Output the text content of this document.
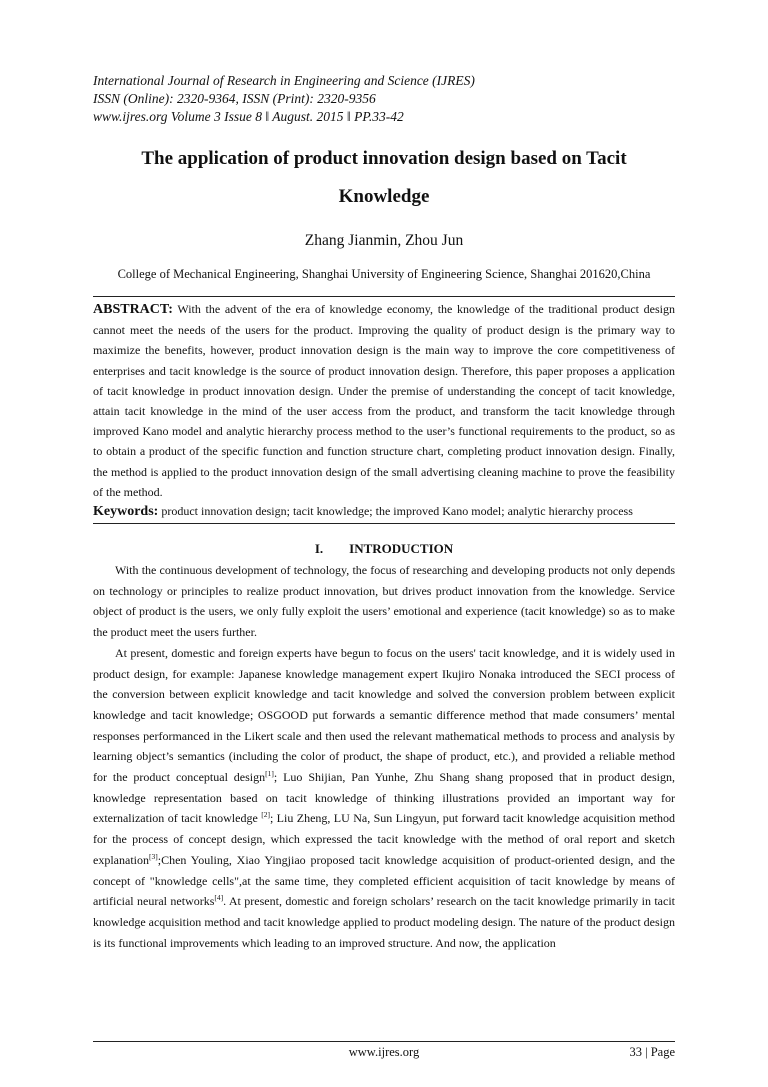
International Journal of Research in Engineering and Science (IJRES)
ISSN (Online): 2320-9364, ISSN (Print): 2320-9356
www.ijres.org Volume 3 Issue 8 ǁ August. 2015 ǁ PP.33-42
The application of product innovation design based on Tacit Knowledge
Zhang Jianmin, Zhou Jun
College of Mechanical Engineering, Shanghai University of Engineering Science, Shanghai 201620,China
ABSTRACT: With the advent of the era of knowledge economy, the knowledge of the traditional product design cannot meet the needs of the users for the product. Improving the quality of product design is the primary way to maximize the benefits, however, product innovation design is the main way to improve the core competitiveness of enterprises and tacit knowledge is the source of product innovation design. Therefore, this paper proposes a application of tacit knowledge in product innovation design. Under the premise of understanding the concept of tacit knowledge, attain tacit knowledge in the mind of the user access from the product, and transform the tacit knowledge through improved Kano model and analytic hierarchy process method to the user’s functional requirements to the product, so as to obtain a product of the specific function and function structure chart, completing product innovation design. Finally, the method is applied to the product innovation design of the small advertising cleaning machine to prove the feasibility of the method.
Keywords: product innovation design; tacit knowledge; the improved Kano model; analytic hierarchy process
I. INTRODUCTION

With the continuous development of technology, the focus of researching and developing products not only depends on technology or principles to realize product innovation, but drives product innovation from the knowledge. Service object of product is the users, we only fully exploit the users’ emotional and experience (tacit knowledge) so as to make the product meet the users further.

At present, domestic and foreign experts have begun to focus on the users' tacit knowledge, and it is widely used in product design, for example: Japanese knowledge management expert Ikujiro Nonaka introduced the SECI process of the conversion between explicit knowledge and tacit knowledge and solved the conversion problem between explicit knowledge and tacit knowledge; OSGOOD put forwards a semantic difference method that made consumers’ mental responses performanced in the Likert scale and then used the relevant mathematical methods to process and analysis by learning object’s semantics (including the color of product, the shape of product, etc.), and provided a reliable method for the product conceptual design[1]; Luo Shijian, Pan Yunhe, Zhu Shang shang proposed that in product design, knowledge representation based on tacit knowledge of thinking illustrations provided an important way for externalization of tacit knowledge [2]; Liu Zheng, LU Na, Sun Lingyun, put forward tacit knowledge acquisition method for the process of concept design, which expressed the tacit knowledge with the method of oral report and sketch explanation[3];Chen Youling, Xiao Yingjiao proposed tacit knowledge acquisition of product-oriented design, and the concept of "knowledge cells",at the same time, they completed efficient acquisition of tacit knowledge by means of artificial neural networks[4]. At present, domestic and foreign scholars’ research on the tacit knowledge primarily in tacit knowledge acquisition method and tacit knowledge applied to product modeling design. The nature of the product design is its functional improvements which leading to an improved structure. And now, the application

www.ijres.org	33 | Page
